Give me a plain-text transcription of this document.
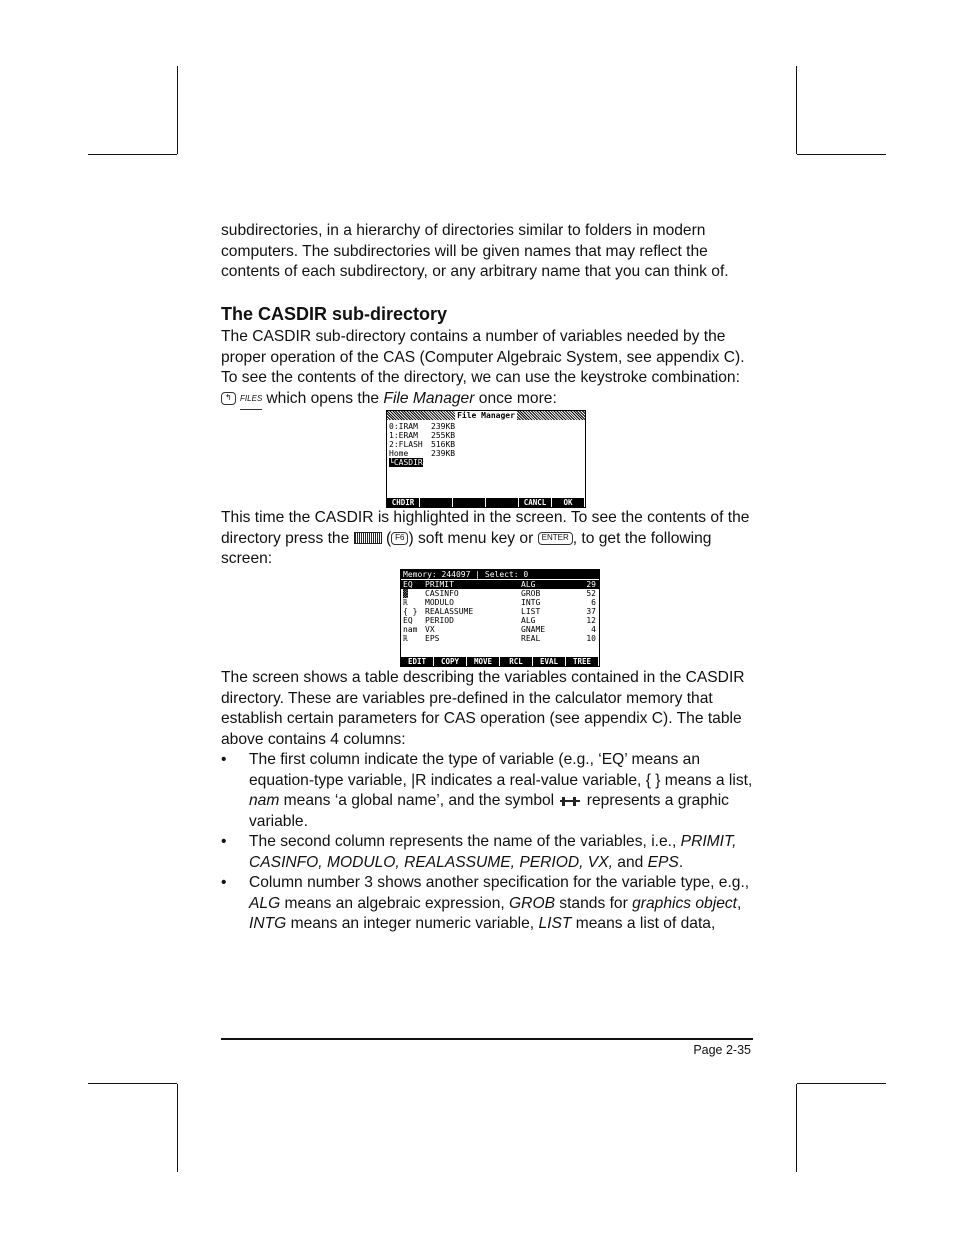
subdirectories, in a hierarchy of directories similar to folders in modern computers. The subdirectories will be given names that may reflect the contents of each subdirectory, or any arbitrary name that you can think of.

The CASDIR sub-directory

The CASDIR sub-directory contains a number of variables needed by the proper operation of the CAS (Computer Algebraic System, see appendix C). To see the contents of the directory, we can use the keystroke combination:
↰ FILES which opens the File Manager once more:

File Manager
0:IRAM 239KB
1:ERAM 255KB
2:FLASH 516KB
Home	239KB
└CASDIR
CHDIR	CANCL	OK

This time the CASDIR is highlighted in the screen. To see the contents of the directory press the  ( F6 ) soft menu key or ENTER , to get the following screen:

Memory: 244097 | Select: 0
EDIT	COPY	MOVE	RCL	EVAL	TREE
EQ PRIMIT	ALG	29
▓ CASINFO	GROB	52
ℝ MODULO	INTG	6
{ } REALASSUME	LIST	37
EQ PERIOD	ALG	12
nam VX	GNAME	4
ℝ EPS	REAL	10

The screen shows a table describing the variables contained in the CASDIR directory. These are variables pre-defined in the calculator memory that establish certain parameters for CAS operation (see appendix C). The table above contains 4 columns:

• The first column indicate the type of variable (e.g., ‘EQ’ means an equation-type variable, |R indicates a real-value variable, { } means a list, nam means ‘a global name’, and the symbol  represents a graphic variable.

• The second column represents the name of the variables, i.e., PRIMIT, CASINFO, MODULO, REALASSUME, PERIOD, VX, and EPS.

• Column number 3 shows another specification for the variable type, e.g., ALG means an algebraic expression, GROB stands for graphics object, INTG means an integer numeric variable, LIST means a list of data,

Page 2-35
